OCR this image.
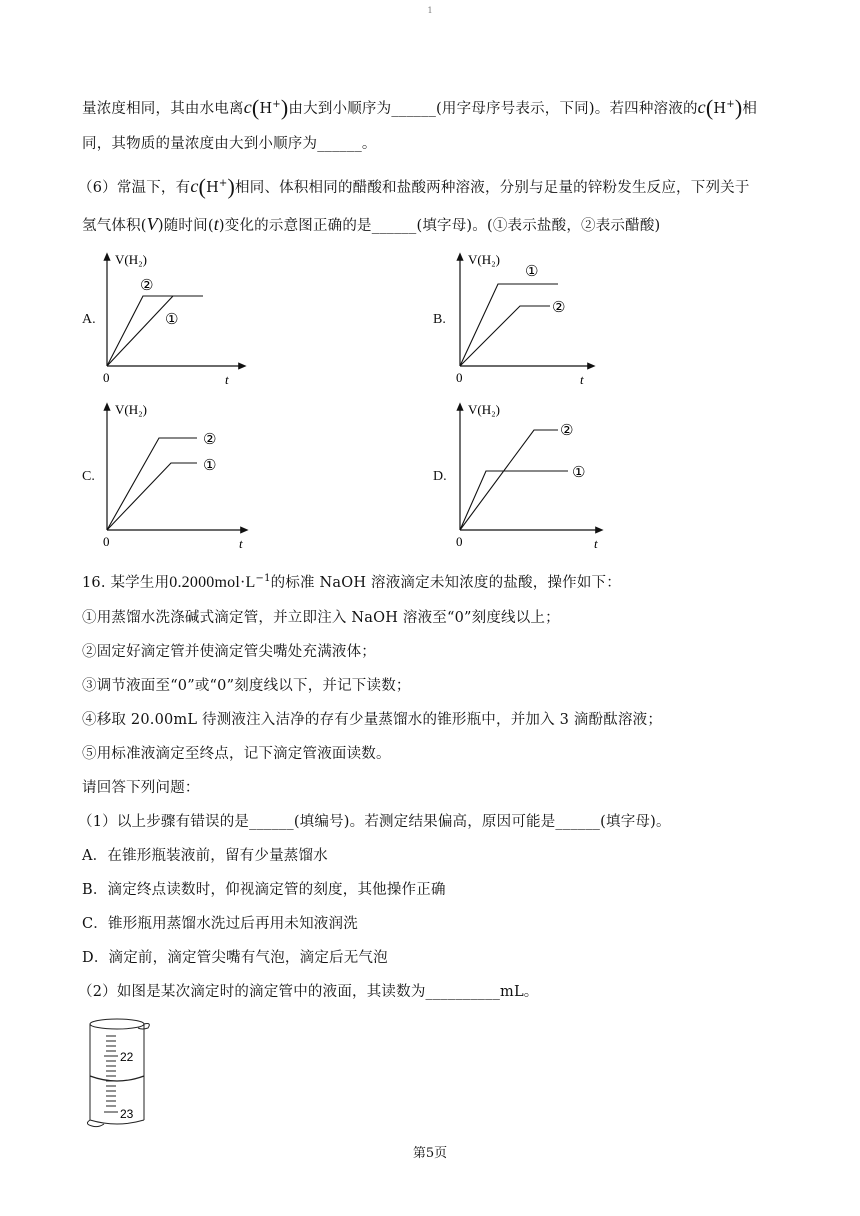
1
量浓度相同，其由水电离c(H+)由大到小顺序为______(用字母序号表示，下同)。若四种溶液的c(H+)相
同，其物质的量浓度由大到小顺序为______。
（6）常温下，有c(H+)相同、体积相同的醋酸和盐酸两种溶液，分别与足量的锌粉发生反应，下列关于
氢气体积(V)随时间(t)变化的示意图正确的是______(填字母)。(①表示盐酸，②表示醋酸)
A.
V(H₂)
0	t
②
①	B.
V(H₂)
0	t
①
②
C.
V(H₂)
0	t
②
①
D.
V(H₂)
0	t
②
①
16. 某学生用$0.2000mol\cdot L^{-1}$的标准 NaOH 溶液滴定未知浓度的盐酸，操作如下：
①用蒸馏水洗涤碱式滴定管，并立即注入 NaOH 溶液至“0”刻度线以上；
②固定好滴定管并使滴定管尖嘴处充满液体；
③调节液面至“0”或“0”刻度线以下，并记下读数；
④移取 20.00mL 待测液注入洁净的存有少量蒸馏水的锥形瓶中，并加入 3 滴酚酞溶液；
⑤用标准液滴定至终点，记下滴定管液面读数。
请回答下列问题：
（1）以上步骤有错误的是______(填编号)。若测定结果偏高，原因可能是______(填字母)。
A．在锥形瓶装液前，留有少量蒸馏水
B．滴定终点读数时，仰视滴定管的刻度，其他操作正确
C．锥形瓶用蒸馏水洗过后再用未知液润洗
D．滴定前，滴定管尖嘴有气泡，滴定后无气泡
（2）如图是某次滴定时的滴定管中的液面，其读数为__________mL。
22
23
第5页
